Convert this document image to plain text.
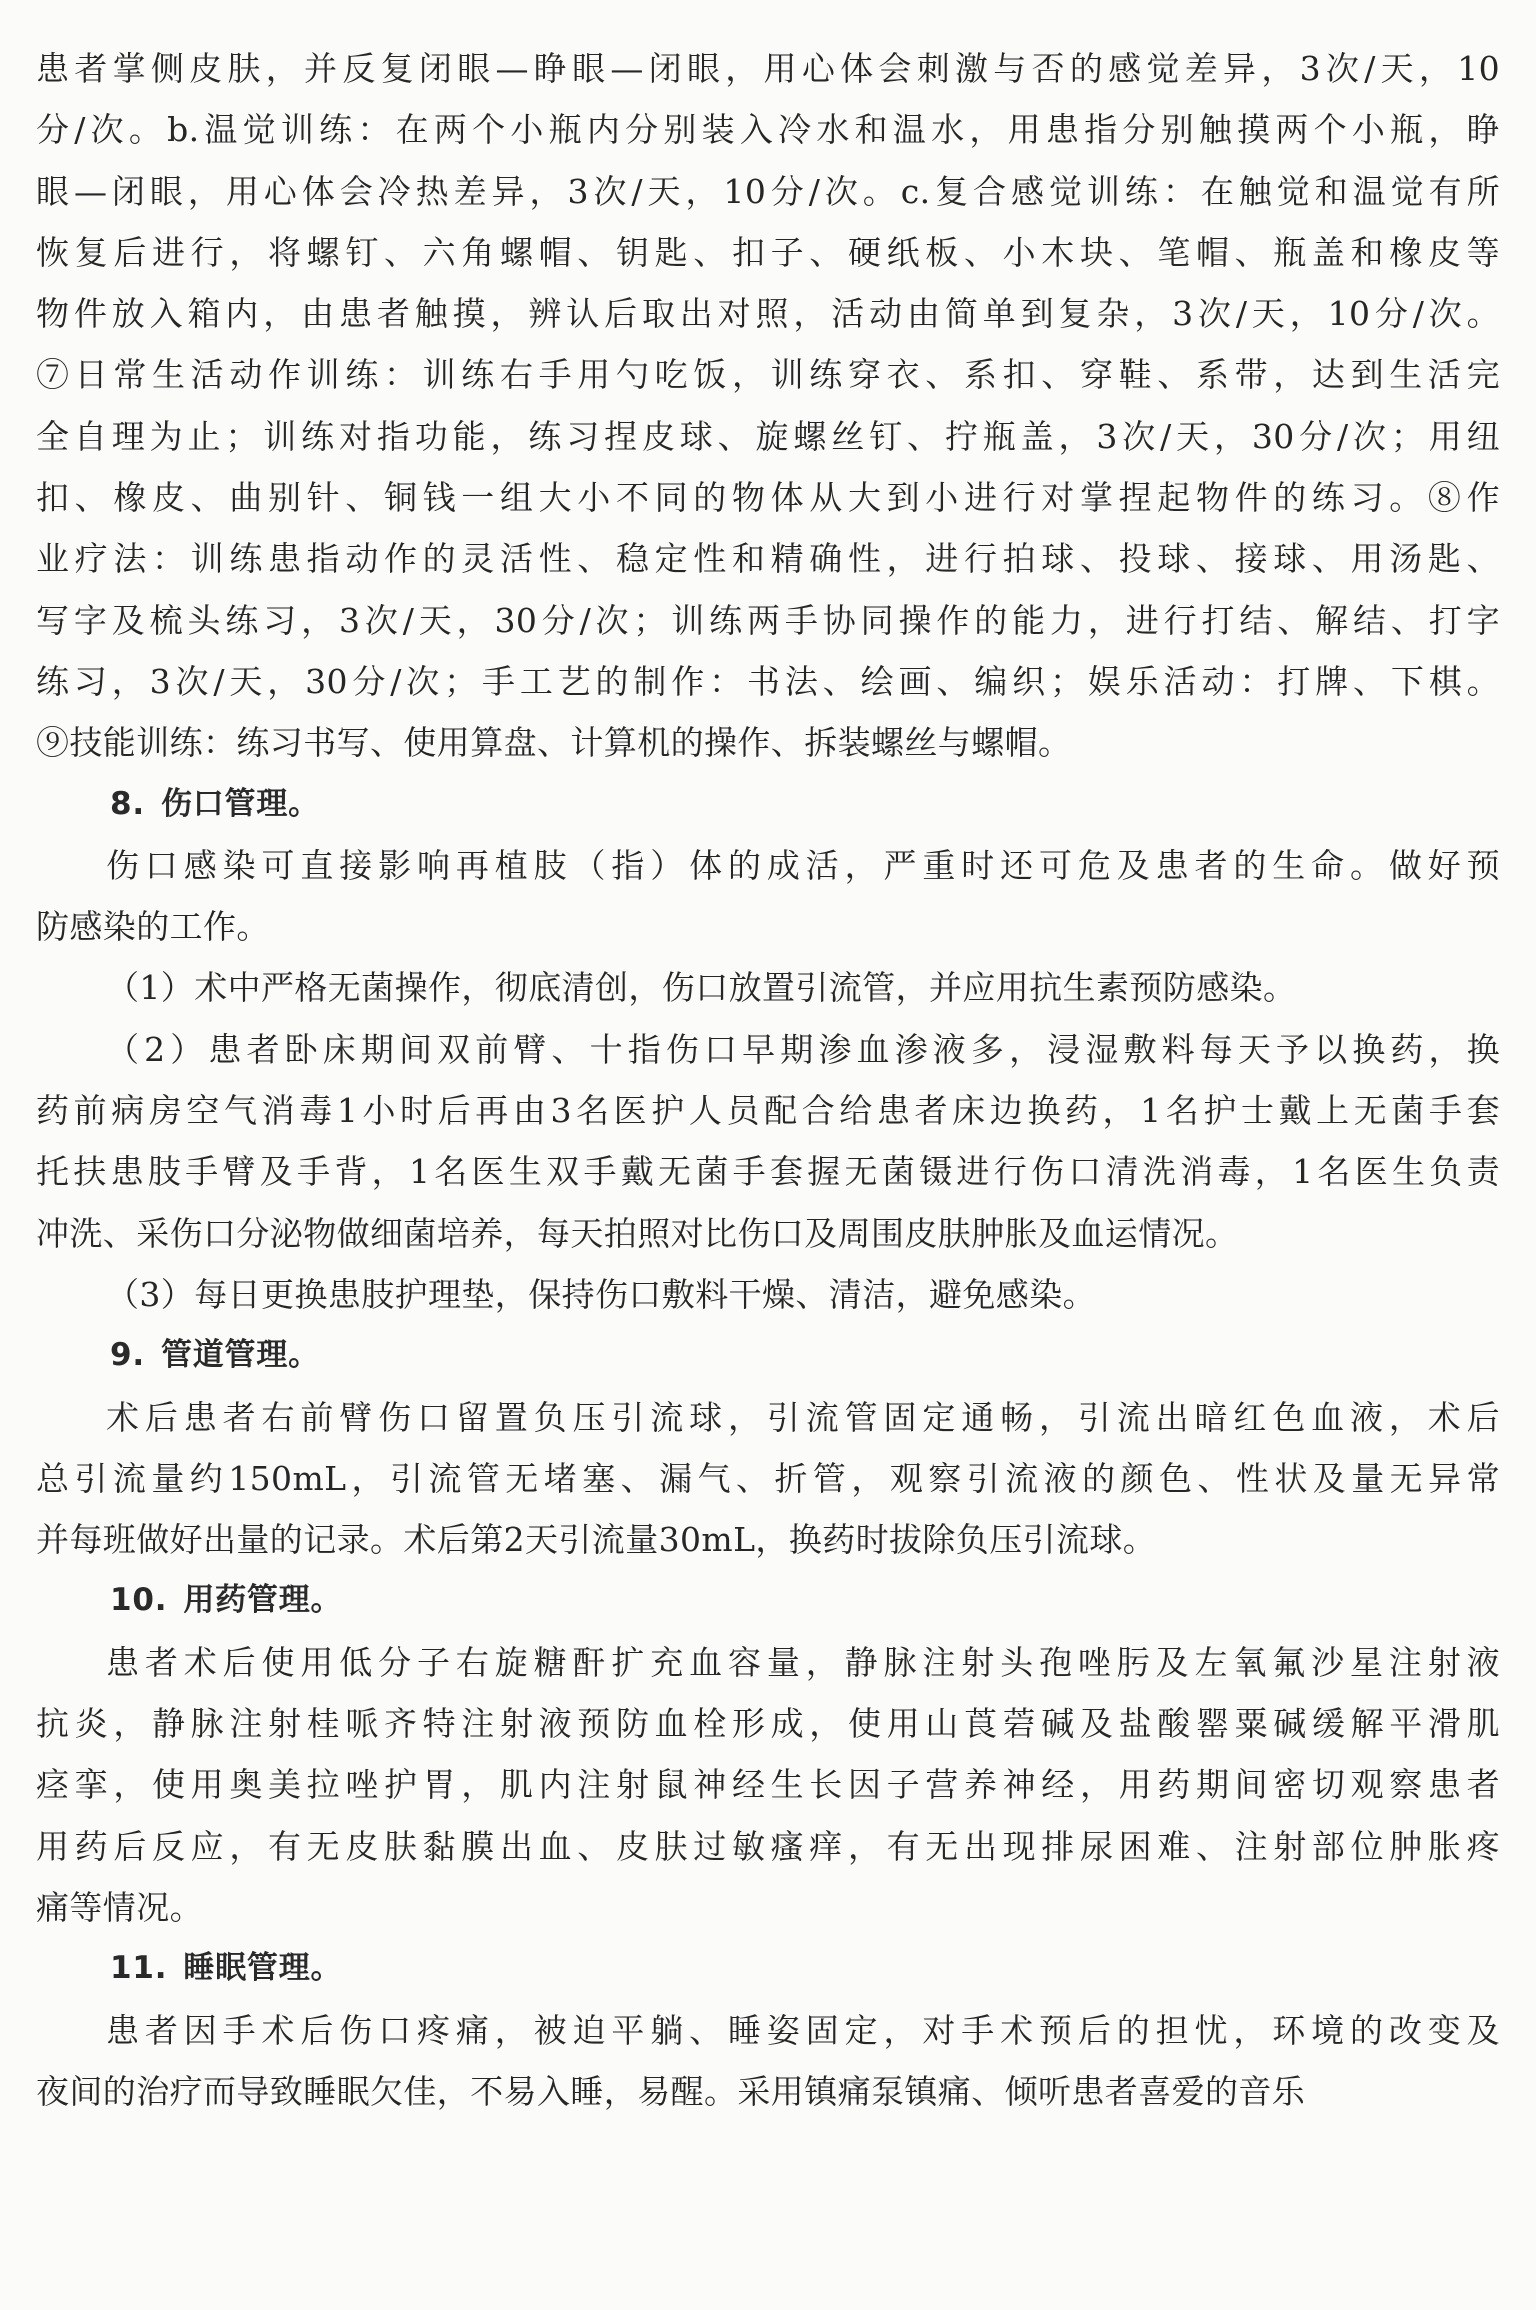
患者掌侧皮肤，并反复闭眼—睁眼—闭眼，用心体会刺激与否的感觉差异，3次/天，10
分/次。b.温觉训练：在两个小瓶内分别装入冷水和温水，用患指分别触摸两个小瓶，睁
眼—闭眼，用心体会冷热差异，3次/天，10分/次。c.复合感觉训练：在触觉和温觉有所
恢复后进行，将螺钉、六角螺帽、钥匙、扣子、硬纸板、小木块、笔帽、瓶盖和橡皮等
物件放入箱内，由患者触摸，辨认后取出对照，活动由简单到复杂，3次/天，10分/次。
⑦日常生活动作训练：训练右手用勺吃饭，训练穿衣、系扣、穿鞋、系带，达到生活完
全自理为止；训练对指功能，练习捏皮球、旋螺丝钉、拧瓶盖，3次/天，30分/次；用纽
扣、橡皮、曲别针、铜钱一组大小不同的物体从大到小进行对掌捏起物件的练习。⑧作
业疗法：训练患指动作的灵活性、稳定性和精确性，进行拍球、投球、接球、用汤匙、
写字及梳头练习，3次/天，30分/次；训练两手协同操作的能力，进行打结、解结、打字
练习，3次/天，30分/次；手工艺的制作：书法、绘画、编织；娱乐活动：打牌、下棋。
⑨技能训练：练习书写、使用算盘、计算机的操作、拆装螺丝与螺帽。
8. 伤口管理。
伤口感染可直接影响再植肢（指）体的成活，严重时还可危及患者的生命。做好预
防感染的工作。
（1）术中严格无菌操作，彻底清创，伤口放置引流管，并应用抗生素预防感染。
（2）患者卧床期间双前臂、十指伤口早期渗血渗液多，浸湿敷料每天予以换药，换
药前病房空气消毒1小时后再由3名医护人员配合给患者床边换药，1名护士戴上无菌手套
托扶患肢手臂及手背，1名医生双手戴无菌手套握无菌镊进行伤口清洗消毒，1名医生负责
冲洗、采伤口分泌物做细菌培养，每天拍照对比伤口及周围皮肤肿胀及血运情况。
（3）每日更换患肢护理垫，保持伤口敷料干燥、清洁，避免感染。
9. 管道管理。
术后患者右前臂伤口留置负压引流球，引流管固定通畅，引流出暗红色血液，术后
总引流量约150mL，引流管无堵塞、漏气、折管，观察引流液的颜色、性状及量无异常
并每班做好出量的记录。术后第2天引流量30mL，换药时拔除负压引流球。
10. 用药管理。
患者术后使用低分子右旋糖酐扩充血容量，静脉注射头孢唑肟及左氧氟沙星注射液
抗炎，静脉注射桂哌齐特注射液预防血栓形成，使用山莨菪碱及盐酸罂粟碱缓解平滑肌
痉挛，使用奥美拉唑护胃，肌内注射鼠神经生长因子营养神经，用药期间密切观察患者
用药后反应，有无皮肤黏膜出血、皮肤过敏瘙痒，有无出现排尿困难、注射部位肿胀疼
痛等情况。
11. 睡眠管理。
患者因手术后伤口疼痛，被迫平躺、睡姿固定，对手术预后的担忧，环境的改变及
夜间的治疗而导致睡眠欠佳，不易入睡，易醒。采用镇痛泵镇痛、倾听患者喜爱的音乐
